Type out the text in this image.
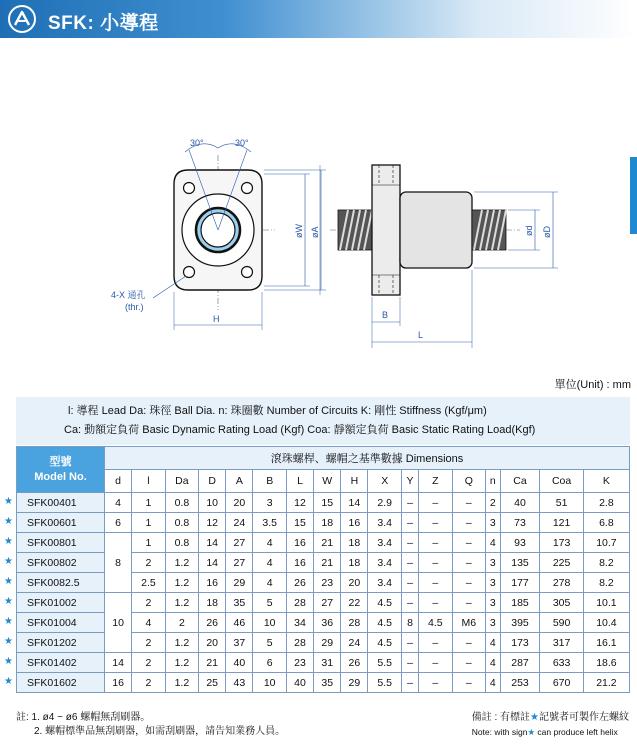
SFK: 小導程
30°	30°
4-X 通孔
(thr.)
H
øW øA
B
L
ød øD
單位(Unit) : mm
l: 導程 Lead Da: 珠徑 Ball Dia. n: 珠圈數 Number of Circuits K: 剛性 Stiffness (Kgf/μm)
Ca: 動額定負荷 Basic Dynamic Rating Load (Kgf) Coa: 靜額定負荷 Basic Static Rating Load(Kgf)
★
★
★
★
★
★
★
★
★
★
型號
Model No.	滾珠螺桿、螺帽之基準數據 Dimensions																
	d	l	Da	D	A	B	L	W	H	X	Y	Z	Q	n	Ca	Coa	K
SFK00401	4	1	0.8	10	20	3	12	15	14	2.9	–	–	–	2	40	51	2.8
SFK00601	6	1	0.8	12	24	3.5	15	18	16	3.4	–	–	–	3	73	121	6.8
SFK00801	8	1	0.8	14	27	4	16	21	18	3.4	–	–	–	4	93	173	10.7
SFK00802		2	1.2	14	27	4	16	21	18	3.4	–	–	–	3	135	225	8.2
SFK0082.5		2.5	1.2	16	29	4	26	23	20	3.4	–	–	–	3	177	278	8.2
SFK01002	10	2	1.2	18	35	5	28	27	22	4.5	–	–	–	3	185	305	10.1
SFK01004		4	2	26	46	10	34	36	28	4.5	8	4.5	M6	3	395	590	10.4
SFK01202		2	1.2	20	37	5	28	29	24	4.5	–	–	–	4	173	317	16.1
SFK01402	14	2	1.2	21	40	6	23	31	26	5.5	–	–	–	4	287	633	18.6
SFK01602	16	2	1.2	25	43	10	40	35	29	5.5	–	–	–	4	253	670	21.2
註: 1. ø4 ~ ø6 螺帽無刮刷器。
2. 螺帽標準品無刮刷器，如需刮刷器，請告知業務人員。
備註 : 有標註★記號者可製作左螺紋
Note: with sign★ can produce left helix
